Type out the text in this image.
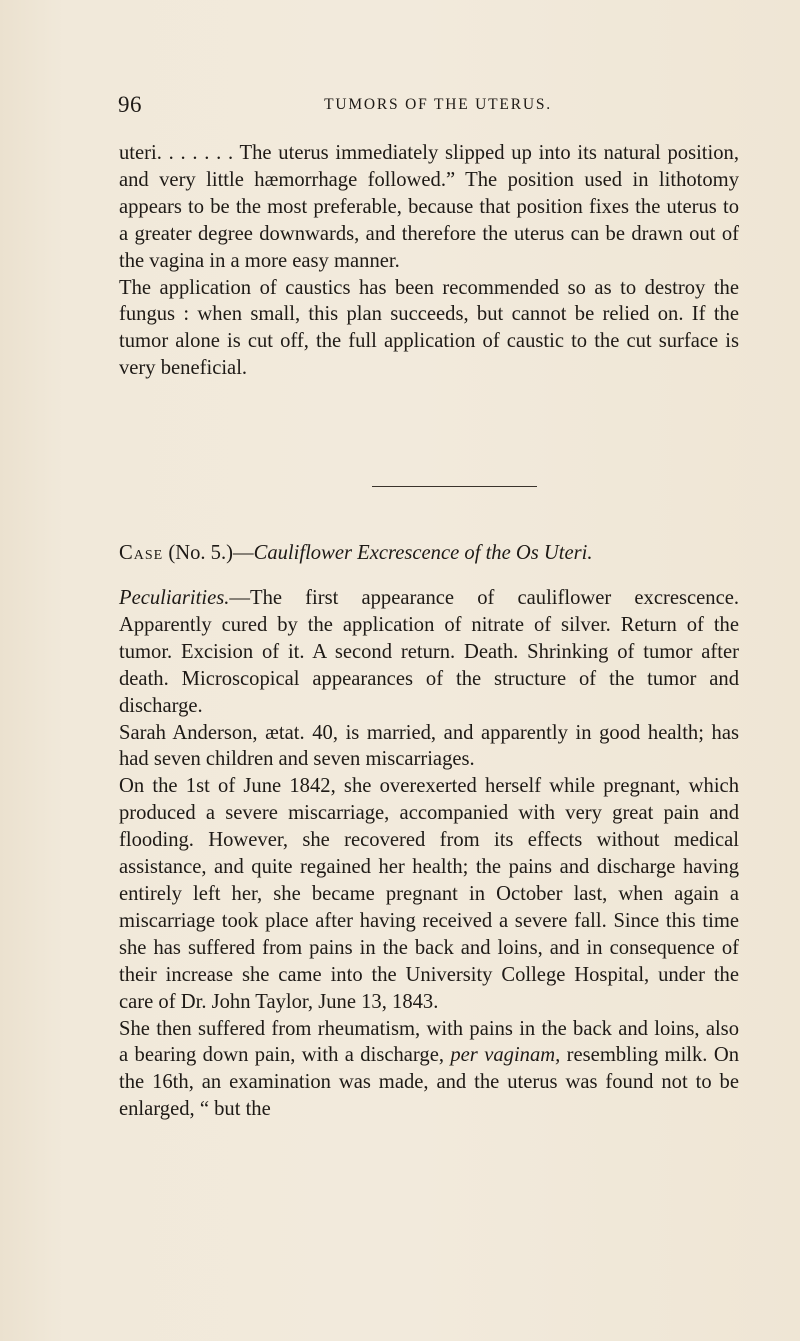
96	TUMORS OF THE UTERUS.

uteri. . . . . . . The uterus immediately slipped up into its natural position, and very little hæmorrhage followed.” The position used in lithotomy appears to be the most preferable, because that position fixes the uterus to a greater degree downwards, and therefore the uterus can be drawn out of the vagina in a more easy manner.

The application of caustics has been recommended so as to destroy the fungus : when small, this plan succeeds, but cannot be relied on. If the tumor alone is cut off, the full application of caustic to the cut surface is very beneficial.

Case (No. 5.)—Cauliflower Excrescence of the Os Uteri.

Peculiarities.—The first appearance of cauliflower excrescence. Apparently cured by the application of nitrate of silver. Return of the tumor. Excision of it. A second return. Death. Shrinking of tumor after death. Microscopical appearances of the structure of the tumor and discharge.

Sarah Anderson, ætat. 40, is married, and apparently in good health; has had seven children and seven miscarriages.

On the 1st of June 1842, she overexerted herself while pregnant, which produced a severe miscarriage, accompanied with very great pain and flooding. However, she recovered from its effects without medical assistance, and quite regained her health; the pains and discharge having entirely left her, she became pregnant in October last, when again a miscarriage took place after having received a severe fall. Since this time she has suffered from pains in the back and loins, and in consequence of their increase she came into the University College Hospital, under the care of Dr. John Taylor, June 13, 1843.

She then suffered from rheumatism, with pains in the back and loins, also a bearing down pain, with a discharge, per vaginam, resembling milk. On the 16th, an examination was made, and the uterus was found not to be enlarged, “ but the
